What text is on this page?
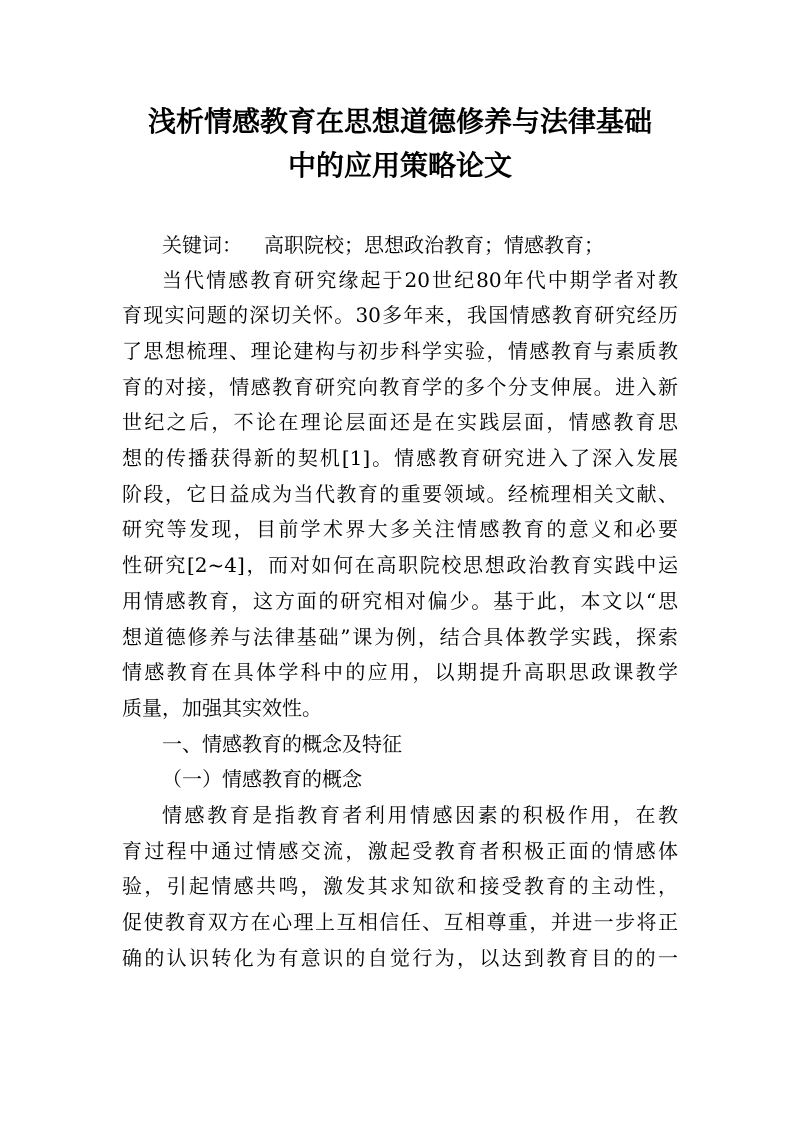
浅析情感教育在思想道德修养与法律基础
中的应用策略论文
关键词： 高职院校；思想政治教育；情感教育；
当代情感教育研究缘起于20世纪80年代中期学者对教
育现实问题的深切关怀。30多年来，我国情感教育研究经历
了思想梳理、理论建构与初步科学实验，情感教育与素质教
育的对接，情感教育研究向教育学的多个分支伸展。进入新
世纪之后，不论在理论层面还是在实践层面，情感教育思
想的传播获得新的契机[1]。情感教育研究进入了深入发展
阶段，它日益成为当代教育的重要领域。经梳理相关文献、
研究等发现，目前学术界大多关注情感教育的意义和必要
性研究[2~4]，而对如何在高职院校思想政治教育实践中运
用情感教育，这方面的研究相对偏少。基于此，本文以“思
想道德修养与法律基础”课为例，结合具体教学实践，探索
情感教育在具体学科中的应用，以期提升高职思政课教学
质量，加强其实效性。
一、情感教育的概念及特征
（一）情感教育的概念
情感教育是指教育者利用情感因素的积极作用，在教
育过程中通过情感交流，激起受教育者积极正面的情感体
验，引起情感共鸣，激发其求知欲和接受教育的主动性，
促使教育双方在心理上互相信任、互相尊重，并进一步将正
确的认识转化为有意识的自觉行为，以达到教育目的的一
